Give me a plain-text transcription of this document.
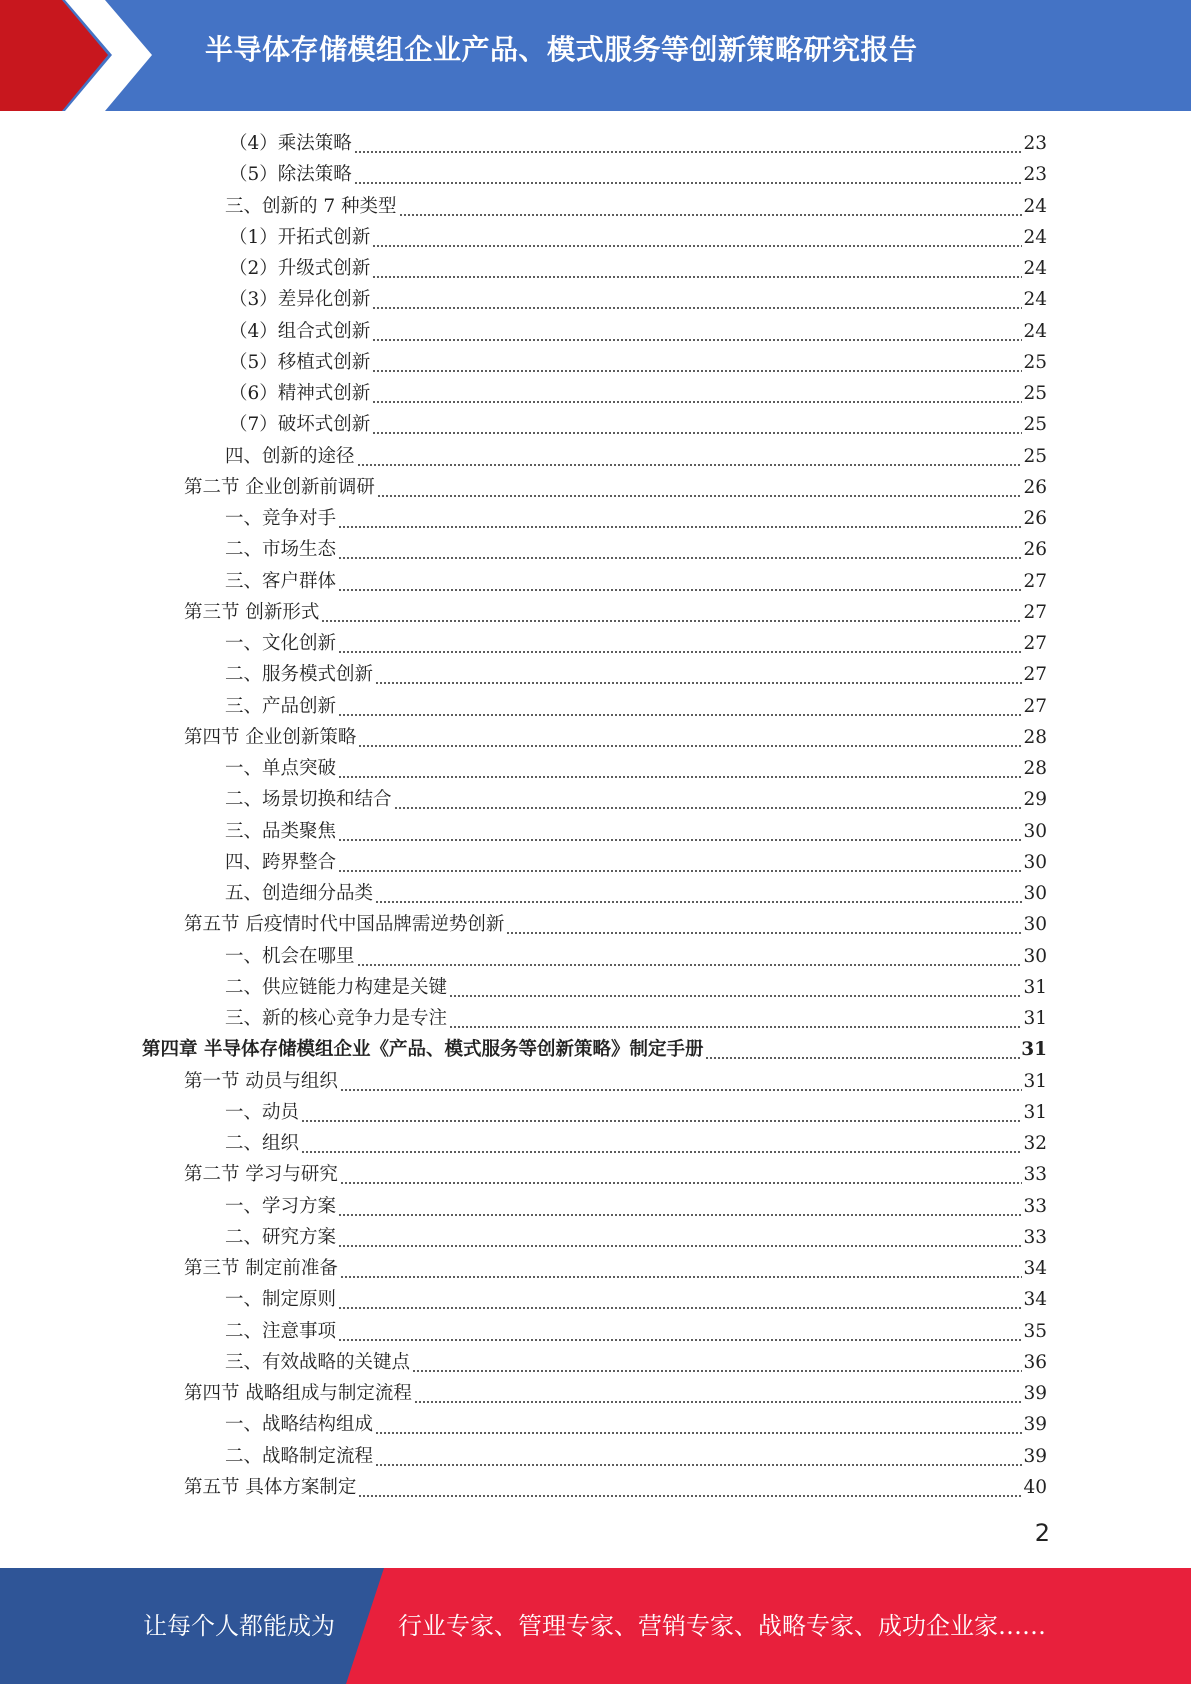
半导体存储模组企业产品、模式服务等创新策略研究报告
（4）乘法策略	23
（5）除法策略	23
三、创新的 7 种类型	24
（1）开拓式创新	24
（2）升级式创新	24
（3）差异化创新	24
（4）组合式创新	24
（5）移植式创新	25
（6）精神式创新	25
（7）破坏式创新	25
四、创新的途径	25
第二节 企业创新前调研	26
一、竞争对手	26
二、市场生态	26
三、客户群体	27
第三节 创新形式	27
一、文化创新	27
二、服务模式创新	27
三、产品创新	27
第四节 企业创新策略	28
一、单点突破	28
二、场景切换和结合	29
三、品类聚焦	30
四、跨界整合	30
五、创造细分品类	30
第五节 后疫情时代中国品牌需逆势创新	30
一、机会在哪里	30
二、供应链能力构建是关键	31
三、新的核心竞争力是专注	31
第四章 半导体存储模组企业《产品、模式服务等创新策略》制定手册	31
第一节 动员与组织	31
一、动员	31
二、组织	32
第二节 学习与研究	33
一、学习方案	33
二、研究方案	33
第三节 制定前准备	34
一、制定原则	34
二、注意事项	35
三、有效战略的关键点	36
第四节 战略组成与制定流程	39
一、战略结构组成	39
二、战略制定流程	39
第五节 具体方案制定	40
2
让每个人都能成为	行业专家、管理专家、营销专家、战略专家、成功企业家……
